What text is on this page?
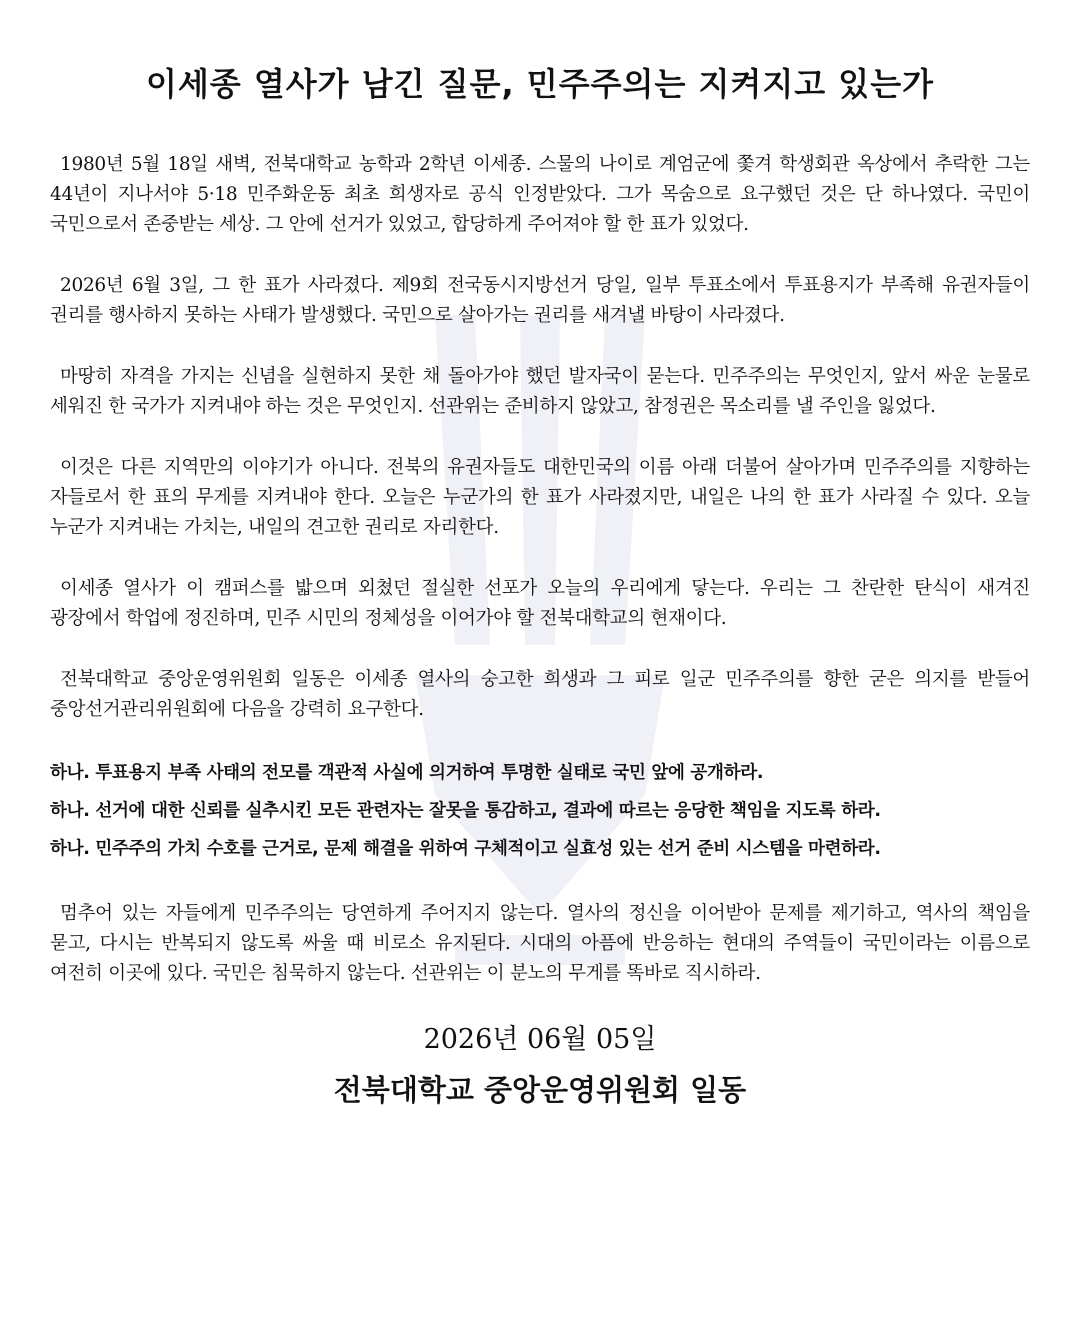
이세종 열사가 남긴 질문, 민주주의는 지켜지고 있는가

1980년 5월 18일 새벽, 전북대학교 농학과 2학년 이세종. 스물의 나이로 계엄군에 쫓겨 학생회관 옥상에서 추락한 그는 44년이 지나서야 5·18 민주화운동 최초 희생자로 공식 인정받았다. 그가 목숨으로 요구했던 것은 단 하나였다. 국민이 국민으로서 존중받는 세상. 그 안에 선거가 있었고, 합당하게 주어져야 할 한 표가 있었다.

2026년 6월 3일, 그 한 표가 사라졌다. 제9회 전국동시지방선거 당일, 일부 투표소에서 투표용지가 부족해 유권자들이 권리를 행사하지 못하는 사태가 발생했다. 국민으로 살아가는 권리를 새겨낼 바탕이 사라졌다.

마땅히 자격을 가지는 신념을 실현하지 못한 채 돌아가야 했던 발자국이 묻는다. 민주주의는 무엇인지, 앞서 싸운 눈물로 세워진 한 국가가 지켜내야 하는 것은 무엇인지. 선관위는 준비하지 않았고, 참정권은 목소리를 낼 주인을 잃었다.

이것은 다른 지역만의 이야기가 아니다. 전북의 유권자들도 대한민국의 이름 아래 더불어 살아가며 민주주의를 지향하는 자들로서 한 표의 무게를 지켜내야 한다. 오늘은 누군가의 한 표가 사라졌지만, 내일은 나의 한 표가 사라질 수 있다. 오늘 누군가 지켜내는 가치는, 내일의 견고한 권리로 자리한다.

이세종 열사가 이 캠퍼스를 밟으며 외쳤던 절실한 선포가 오늘의 우리에게 닿는다. 우리는 그 찬란한 탄식이 새겨진 광장에서 학업에 정진하며, 민주 시민의 정체성을 이어가야 할 전북대학교의 현재이다.

전북대학교 중앙운영위원회 일동은 이세종 열사의 숭고한 희생과 그 피로 일군 민주주의를 향한 굳은 의지를 받들어 중앙선거관리위원회에 다음을 강력히 요구한다.

하나. 투표용지 부족 사태의 전모를 객관적 사실에 의거하여 투명한 실태로 국민 앞에 공개하라.

하나. 선거에 대한 신뢰를 실추시킨 모든 관련자는 잘못을 통감하고, 결과에 따르는 응당한 책임을 지도록 하라.

하나. 민주주의 가치 수호를 근거로, 문제 해결을 위하여 구체적이고 실효성 있는 선거 준비 시스템을 마련하라.

멈추어 있는 자들에게 민주주의는 당연하게 주어지지 않는다. 열사의 정신을 이어받아 문제를 제기하고, 역사의 책임을 묻고, 다시는 반복되지 않도록 싸울 때 비로소 유지된다. 시대의 아픔에 반응하는 현대의 주역들이 국민이라는 이름으로 여전히 이곳에 있다. 국민은 침묵하지 않는다. 선관위는 이 분노의 무게를 똑바로 직시하라.

2026년 06월 05일

전북대학교 중앙운영위원회 일동
